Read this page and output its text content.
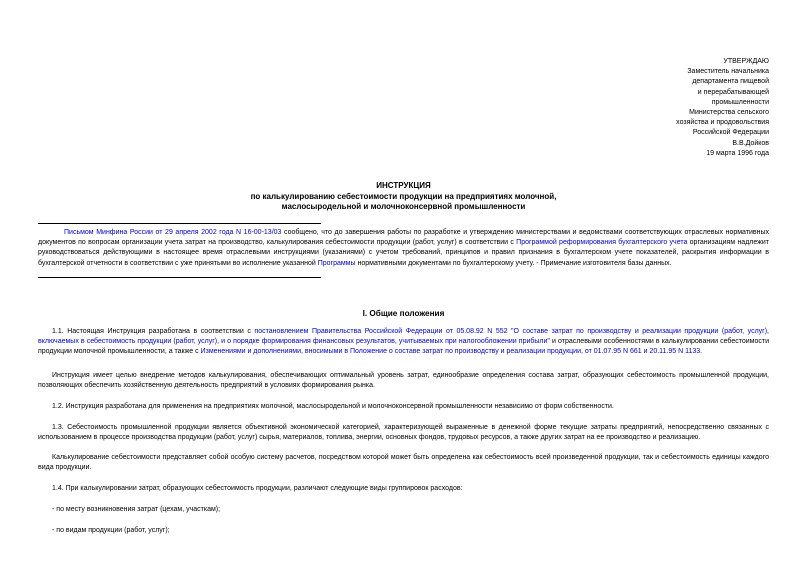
УТВЕРЖДАЮ
Заместитель начальника
департамента пищевой
и перерабатывающей
промышленности
Министерства сельского
хозяйства и продовольствия
Российской Федерации
В.В.Дойков
19 марта 1996 года
ИНСТРУКЦИЯ
по калькулированию себестоимости продукции на предприятиях молочной,
маслосыродельной и молочноконсервной промышленности
Письмом Минфина России от 29 апреля 2002 года N 16-00-13/03 сообщено, что до завершения работы по разработке и утверждению министерствами и ведомствами соответствующих отраслевых нормативных документов по вопросам организации учета затрат на производство, калькулирования себестоимости продукции (работ, услуг) в соответствии с Программой реформирования бухгалтерского учета организациям надлежит руководствоваться действующими в настоящее время отраслевыми инструкциями (указаниями) с учетом требований, принципов и правил признания в бухгалтерском учете показателей, раскрытия информации в бухгалтерской отчетности в соответствии с уже принятыми во исполнение указанной Программы нормативными документами по бухгалтерскому учету. - Примечание изготовителя базы данных.
I. Общие положения
1.1. Настоящая Инструкция разработана в соответствии с постановлением Правительства Российской Федерации от 05.08.92 N 552 "О составе затрат по производству и реализации продукции (работ, услуг), включаемых в себестоимость продукции (работ, услуг), и о порядке формирования финансовых результатов, учитываемых при налогообложении прибыли" и отраслевыми особенностями в калькулировании себестоимости продукции молочной промышленности, а также с Изменениями и дополнениями, вносимыми в Положение о составе затрат по производству и реализации продукции, от 01.07.95 N 661 и 20.11.95 N 1133.
Инструкция имеет целью внедрение методов калькулирования, обеспечивающих оптимальный уровень затрат, единообразие определения состава затрат, образующих себестоимость промышленной продукции, позволяющих обеспечить хозяйственную деятельность предприятий в условиях формирования рынка.
1.2. Инструкция разработана для применения на предприятиях молочной, маслосыродельной и молочноконсервной промышленности независимо от форм собственности.
1.3. Себестоимость промышленной продукции является объективной экономической категорией, характеризующей выраженные в денежной форме текущие затраты предприятий, непосредственно связанных с использованием в процессе производства продукции (работ, услуг) сырья, материалов, топлива, энергии, основных фондов, трудовых ресурсов, а также других затрат на ее производство и реализацию.
Калькулирование себестоимости представляет собой особую систему расчетов, посредством которой может быть определена как себестоимость всей произведенной продукции, так и себестоимость единицы каждого вида продукции.
1.4. При калькулировании затрат, образующих себестоимость продукции, различают следующие виды группировок расходов:
- по месту возникновения затрат (цехам, участкам);
- по видам продукции (работ, услуг);
